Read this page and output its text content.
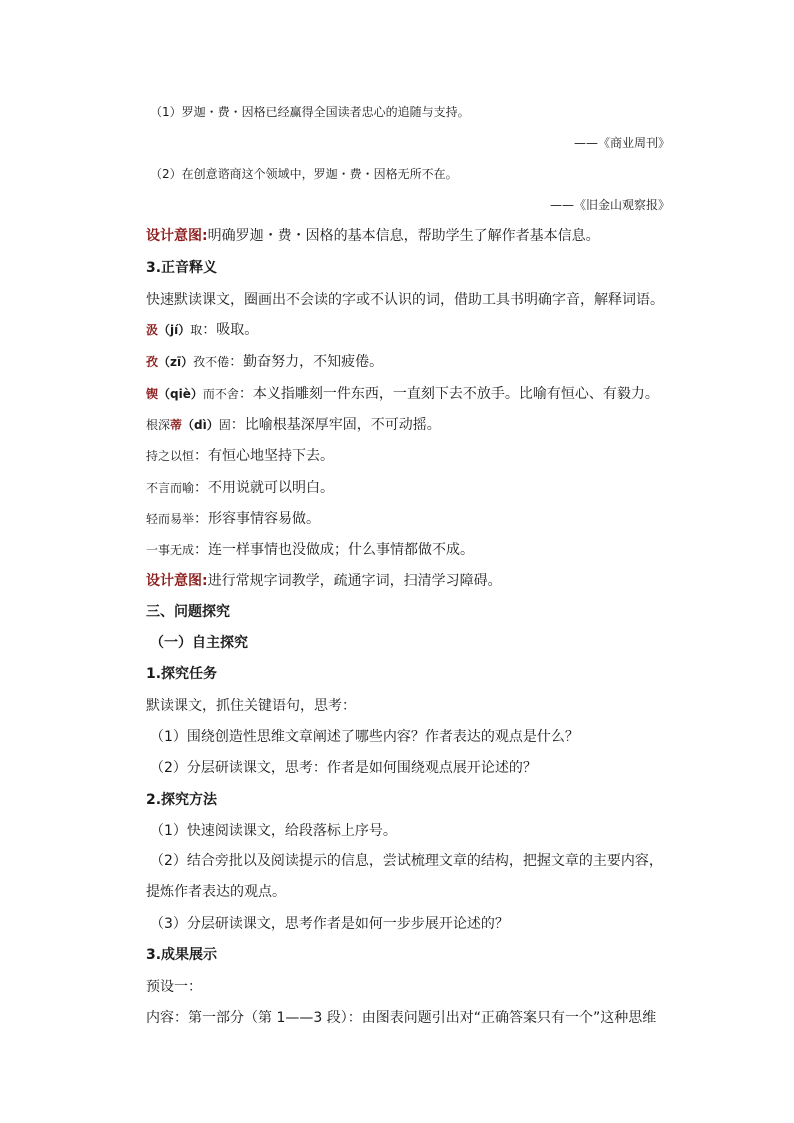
（1）罗迦・费・因格已经赢得全国读者忠心的追随与支持。
——《商业周刊》
（2）在创意谘商这个领域中，罗迦・费・因格无所不在。
——《旧金山观察报》
设计意图:明确罗迦・费・因格的基本信息，帮助学生了解作者基本信息。
3.正音释义
快速默读课文，圈画出不会读的字或不认识的词，借助工具书明确字音，解释词语。
汲（jí）取：吸取。
孜（zī）孜不倦：勤奋努力，不知疲倦。
锲（qiè）而不舍：本义指雕刻一件东西，一直刻下去不放手。比喻有恒心、有毅力。
根深蒂（dì）固：比喻根基深厚牢固，不可动摇。
持之以恒：有恒心地坚持下去。
不言而喻：不用说就可以明白。
轻而易举：形容事情容易做。
一事无成：连一样事情也没做成；什么事情都做不成。
设计意图:进行常规字词教学，疏通字词，扫清学习障碍。
三、问题探究
（一）自主探究
1.探究任务
默读课文，抓住关键语句，思考：
（1）围绕创造性思维文章阐述了哪些内容？作者表达的观点是什么？
（2）分层研读课文，思考：作者是如何围绕观点展开论述的？
2.探究方法
（1）快速阅读课文，给段落标上序号。
（2）结合旁批以及阅读提示的信息，尝试梳理文章的结构，把握文章的主要内容，提炼作者表达的观点。
（3）分层研读课文，思考作者是如何一步步展开论述的？
3.成果展示
预设一：
内容：第一部分（第 1——3 段）：由图表问题引出对“正确答案只有一个”这种思维
